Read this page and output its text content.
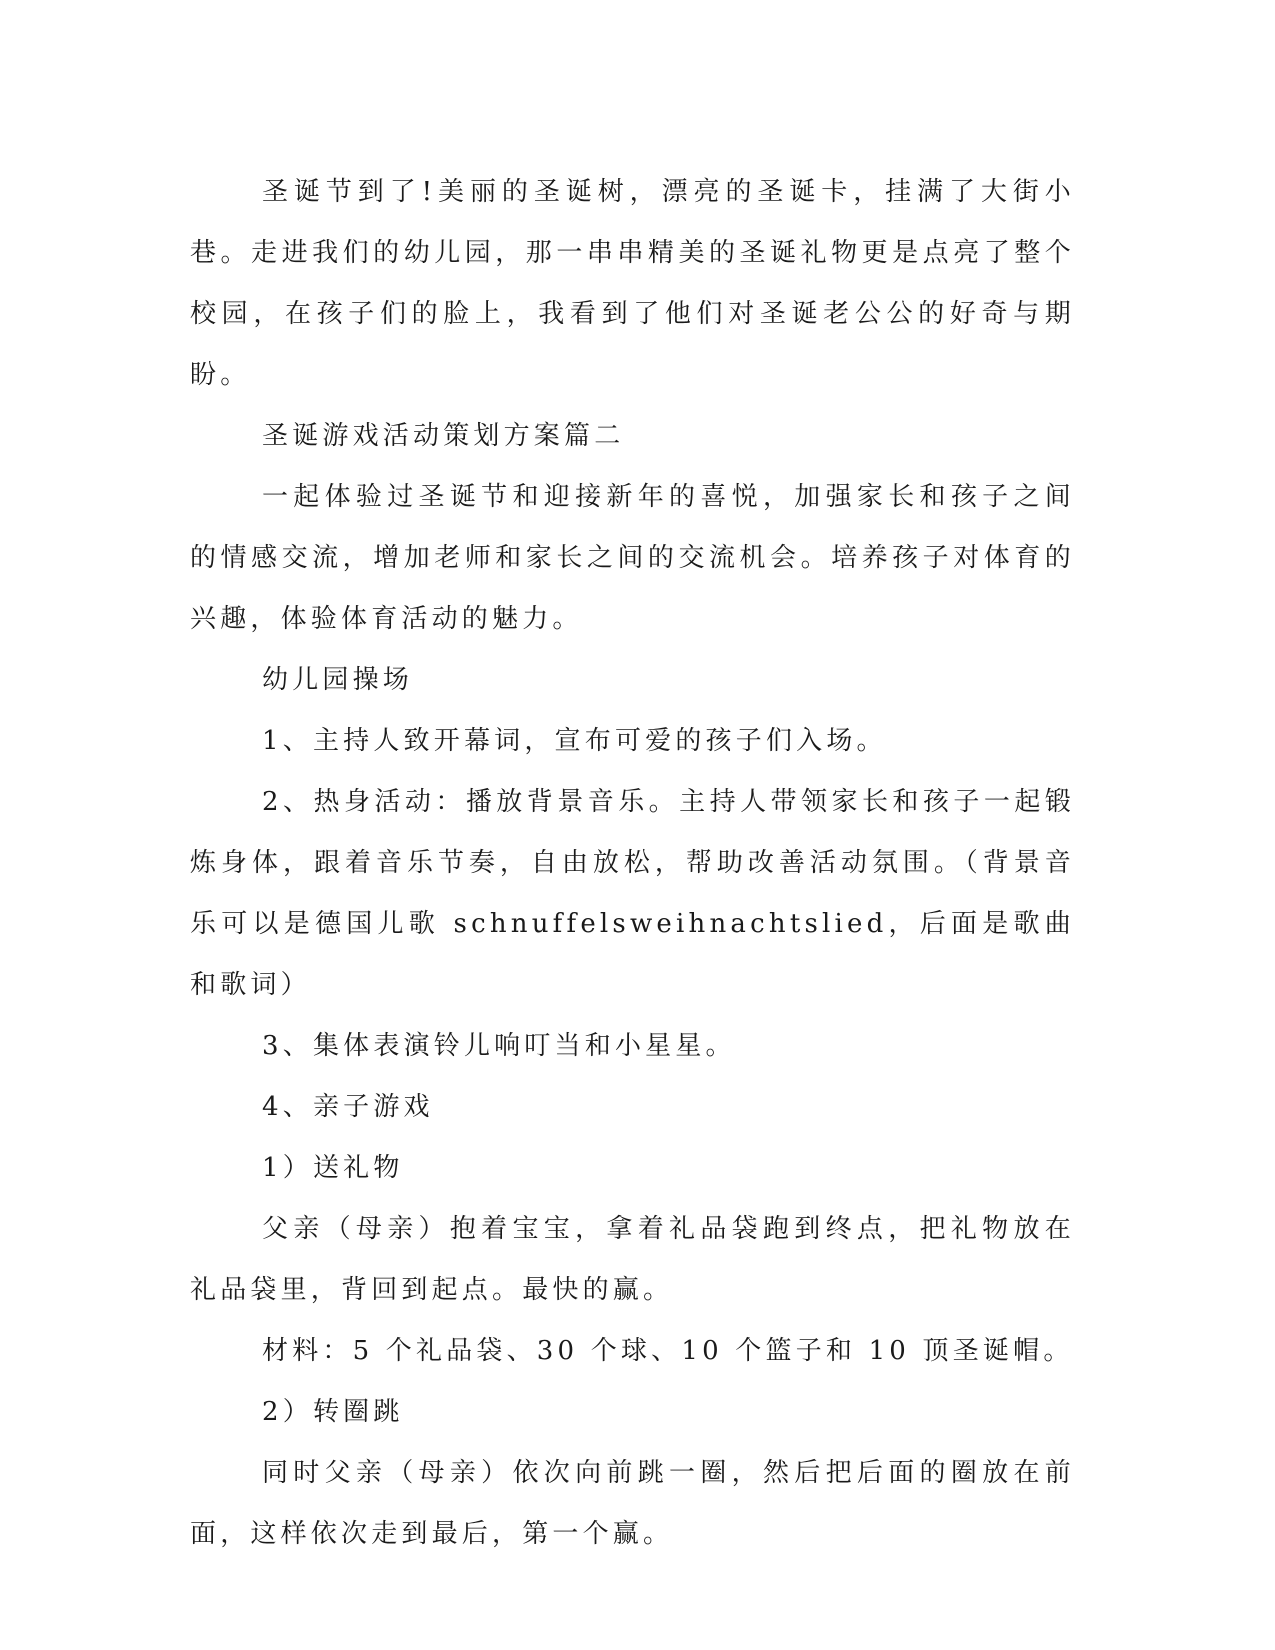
圣诞节到了!美丽的圣诞树，漂亮的圣诞卡，挂满了大街小巷。走进我们的幼儿园，那一串串精美的圣诞礼物更是点亮了整个校园，在孩子们的脸上，我看到了他们对圣诞老公公的好奇与期盼。

圣诞游戏活动策划方案篇二

一起体验过圣诞节和迎接新年的喜悦，加强家长和孩子之间的情感交流，增加老师和家长之间的交流机会。培养孩子对体育的兴趣，体验体育活动的魅力。

幼儿园操场

1、主持人致开幕词，宣布可爱的孩子们入场。

2、热身活动：播放背景音乐。主持人带领家长和孩子一起锻炼身体，跟着音乐节奏，自由放松，帮助改善活动氛围。（背景音乐可以是德国儿歌 schnuffelsweihnachtslied，后面是歌曲和歌词）

3、集体表演铃儿响叮当和小星星。

4、亲子游戏

1）送礼物

父亲（母亲）抱着宝宝，拿着礼品袋跑到终点，把礼物放在礼品袋里，背回到起点。最快的赢。

材料：5 个礼品袋、30 个球、10 个篮子和 10 顶圣诞帽。

2）转圈跳

同时父亲（母亲）依次向前跳一圈，然后把后面的圈放在前面，这样依次走到最后，第一个赢。
